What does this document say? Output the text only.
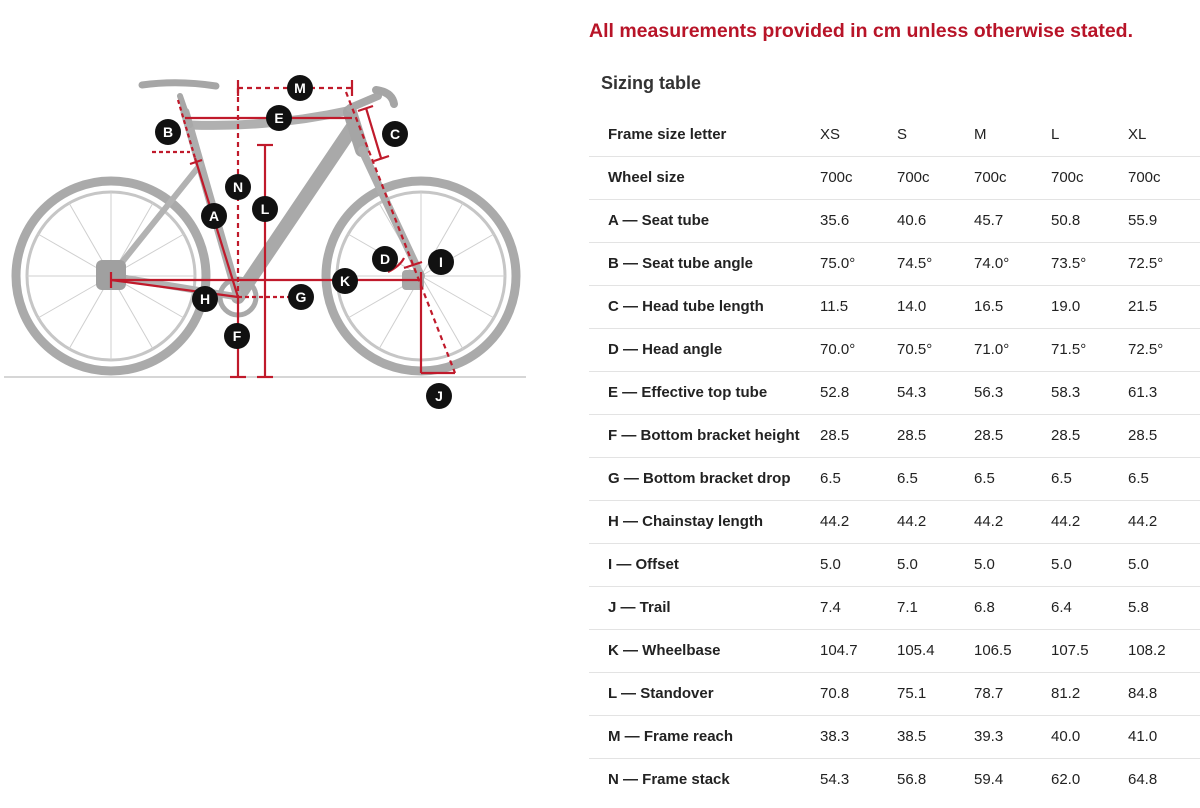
M
E
B	C
N
L
A
D	I
K
H	G
F
J
All measurements provided in cm unless otherwise stated.
Sizing table
Frame size letter	XS	S	M	L	XL
Wheel size	700c	700c	700c	700c	700c
A — Seat tube	35.6	40.6	45.7	50.8	55.9
B — Seat tube angle	75.0°	74.5°	74.0°	73.5°	72.5°
C — Head tube length	11.5	14.0	16.5	19.0	21.5
D — Head angle	70.0°	70.5°	71.0°	71.5°	72.5°
E — Effective top tube	52.8	54.3	56.3	58.3	61.3
F — Bottom bracket height	28.5	28.5	28.5	28.5	28.5
G — Bottom bracket drop	6.5	6.5	6.5	6.5	6.5
H — Chainstay length	44.2	44.2	44.2	44.2	44.2
I — Offset	5.0	5.0	5.0	5.0	5.0
J — Trail	7.4	7.1	6.8	6.4	5.8
K — Wheelbase	104.7	105.4	106.5	107.5	108.2
L — Standover	70.8	75.1	78.7	81.2	84.8
M — Frame reach	38.3	38.5	39.3	40.0	41.0
N — Frame stack	54.3	56.8	59.4	62.0	64.8
